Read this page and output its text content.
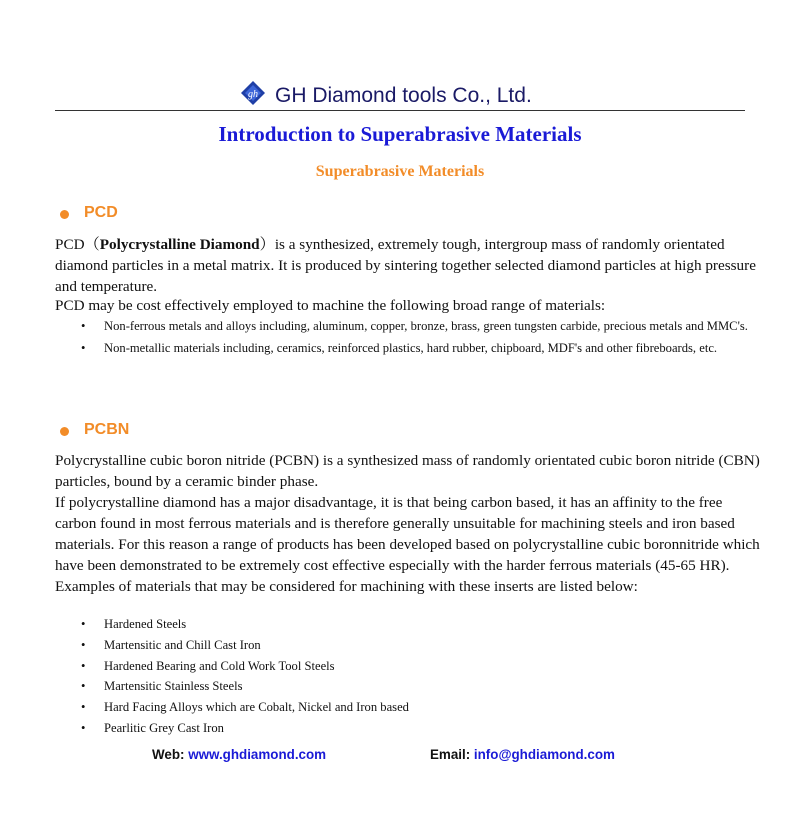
gh GH Diamond tools Co., Ltd.
Introduction to Superabrasive Materials
Superabrasive Materials
PCD
PCD（Polycrystalline Diamond）is a synthesized, extremely tough, intergroup mass of randomly orientated diamond particles in a metal matrix. It is produced by sintering together selected diamond particles at high pressure and temperature.
PCD may be cost effectively employed to machine the following broad range of materials:
• Non-ferrous metals and alloys including, aluminum, copper, bronze, brass, green tungsten carbide, precious metals and MMC's.
• Non-metallic materials including, ceramics, reinforced plastics, hard rubber, chipboard, MDF's and other fibreboards, etc.
PCBN
Polycrystalline cubic boron nitride (PCBN) is a synthesized mass of randomly orientated cubic boron nitride (CBN) particles, bound by a ceramic binder phase.
If polycrystalline diamond has a major disadvantage, it is that being carbon based, it has an affinity to the free carbon found in most ferrous materials and is therefore generally unsuitable for machining steels and iron based materials. For this reason a range of products has been developed based on polycrystalline cubic boronnitride which have been demonstrated to be extremely cost effective especially with the harder ferrous materials (45-65 HR). Examples of materials that may be considered for machining with these inserts are listed below:
• Hardened Steels
• Martensitic and Chill Cast Iron
• Hardened Bearing and Cold Work Tool Steels
• Martensitic Stainless Steels
• Hard Facing Alloys which are Cobalt, Nickel and Iron based
• Pearlitic Grey Cast Iron
Web: www.ghdiamond.com	Email: info@ghdiamond.com
